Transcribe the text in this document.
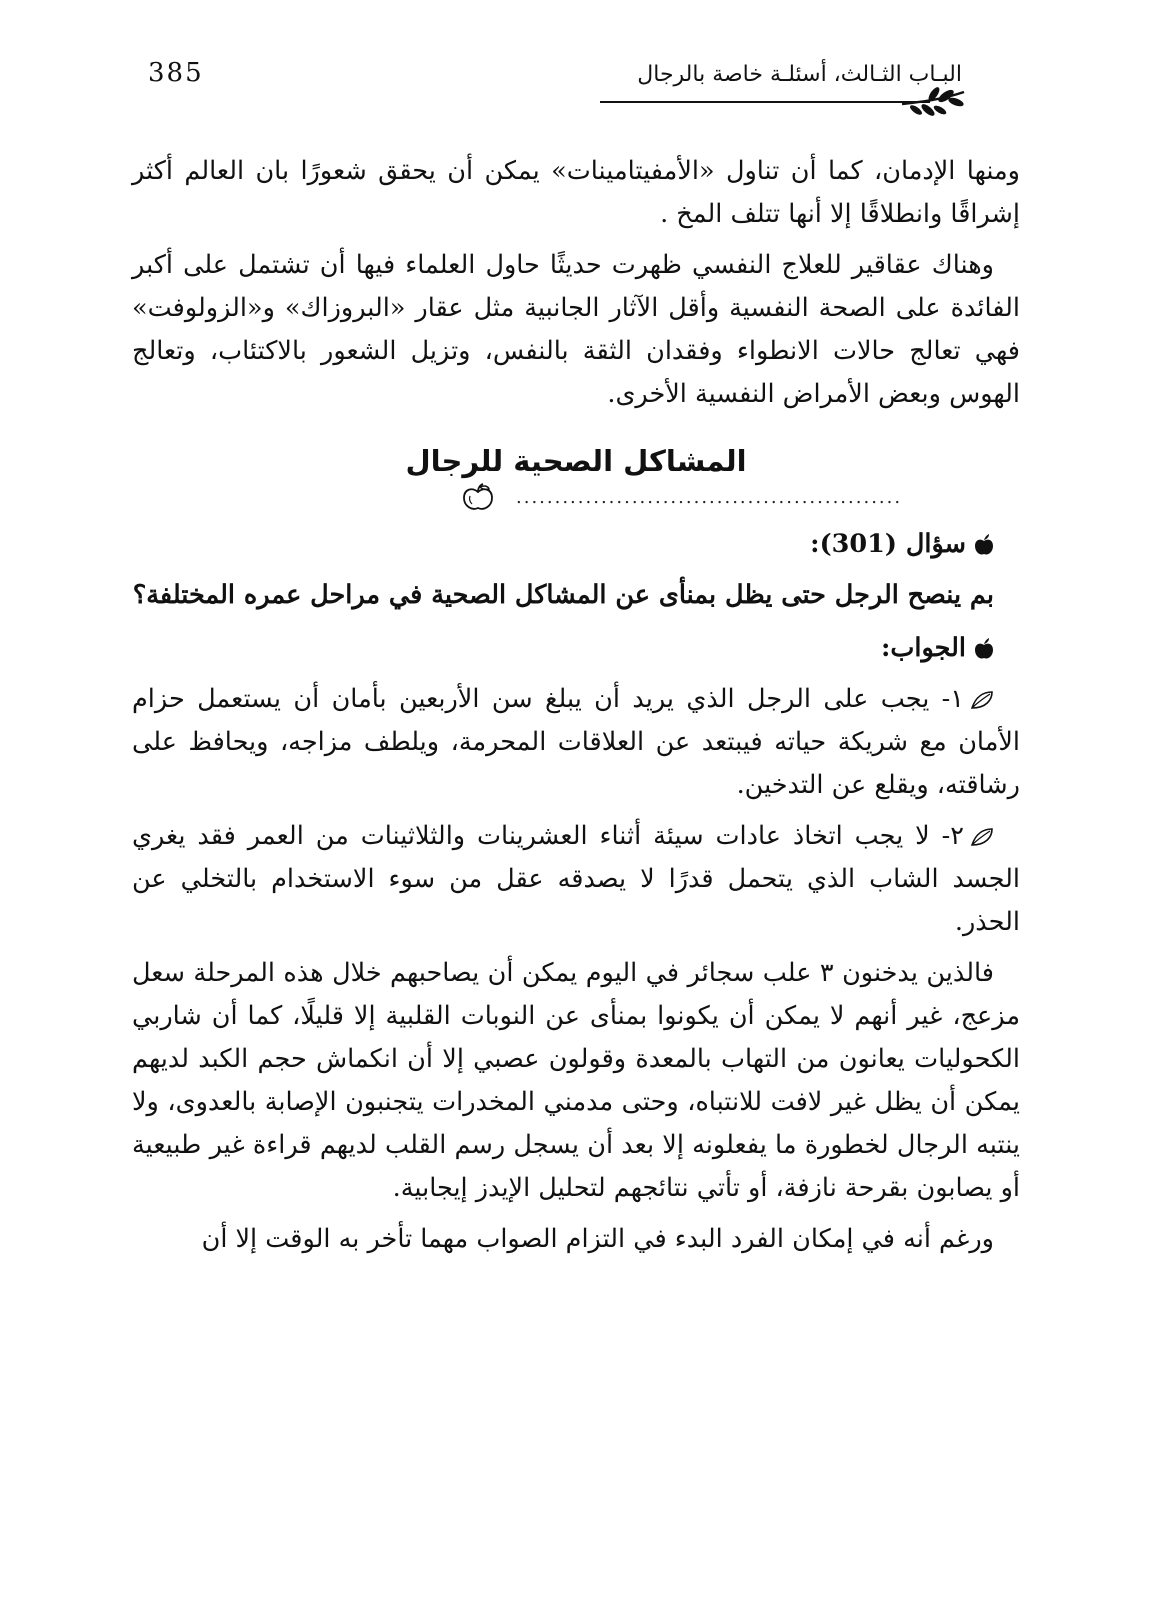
385	البـاب الثـالث، أسئلـة خاصة بالرجال

ومنها الإدمان، كما أن تناول «الأمفيتامينات» يمكن أن يحقق شعورًا بان العالم أكثر إشراقًا وانطلاقًا إلا أنها تتلف المخ .

وهناك عقاقير للعلاج النفسي ظهرت حديثًا حاول العلماء فيها أن تشتمل على أكبر الفائدة على الصحة النفسية وأقل الآثار الجانبية مثل عقار «البروزاك» و«الزولوفت» فهي تعالج حالات الانطواء وفقدان الثقة بالنفس، وتزيل الشعور بالاكتئاب، وتعالج الهوس وبعض الأمراض النفسية الأخرى.

المشاكل الصحية للرجال
..................................................

سؤال (301):

بم ينصح الرجل حتى يظل بمنأى عن المشاكل الصحية في مراحل عمره المختلفة؟

الجواب:

١- يجب على الرجل الذي يريد أن يبلغ سن الأربعين بأمان أن يستعمل حزام الأمان مع شريكة حياته فيبتعد عن العلاقات المحرمة، ويلطف مزاجه، ويحافظ على رشاقته، ويقلع عن التدخين.

٢- لا يجب اتخاذ عادات سيئة أثناء العشرينات والثلاثينات من العمر فقد يغري الجسد الشاب الذي يتحمل قدرًا لا يصدقه عقل من سوء الاستخدام بالتخلي عن الحذر.

فالذين يدخنون ٣ علب سجائر في اليوم يمكن أن يصاحبهم خلال هذه المرحلة سعل مزعج، غير أنهم لا يمكن أن يكونوا بمنأى عن النوبات القلبية إلا قليلًا، كما أن شاربي الكحوليات يعانون من التهاب بالمعدة وقولون عصبي إلا أن انكماش حجم الكبد لديهم يمكن أن يظل غير لافت للانتباه، وحتى مدمني المخدرات يتجنبون الإصابة بالعدوى، ولا ينتبه الرجال لخطورة ما يفعلونه إلا بعد أن يسجل رسم القلب لديهم قراءة غير طبيعية أو يصابون بقرحة نازفة، أو تأتي نتائجهم لتحليل الإيدز إيجابية.

ورغم أنه في إمكان الفرد البدء في التزام الصواب مهما تأخر به الوقت إلا أن
